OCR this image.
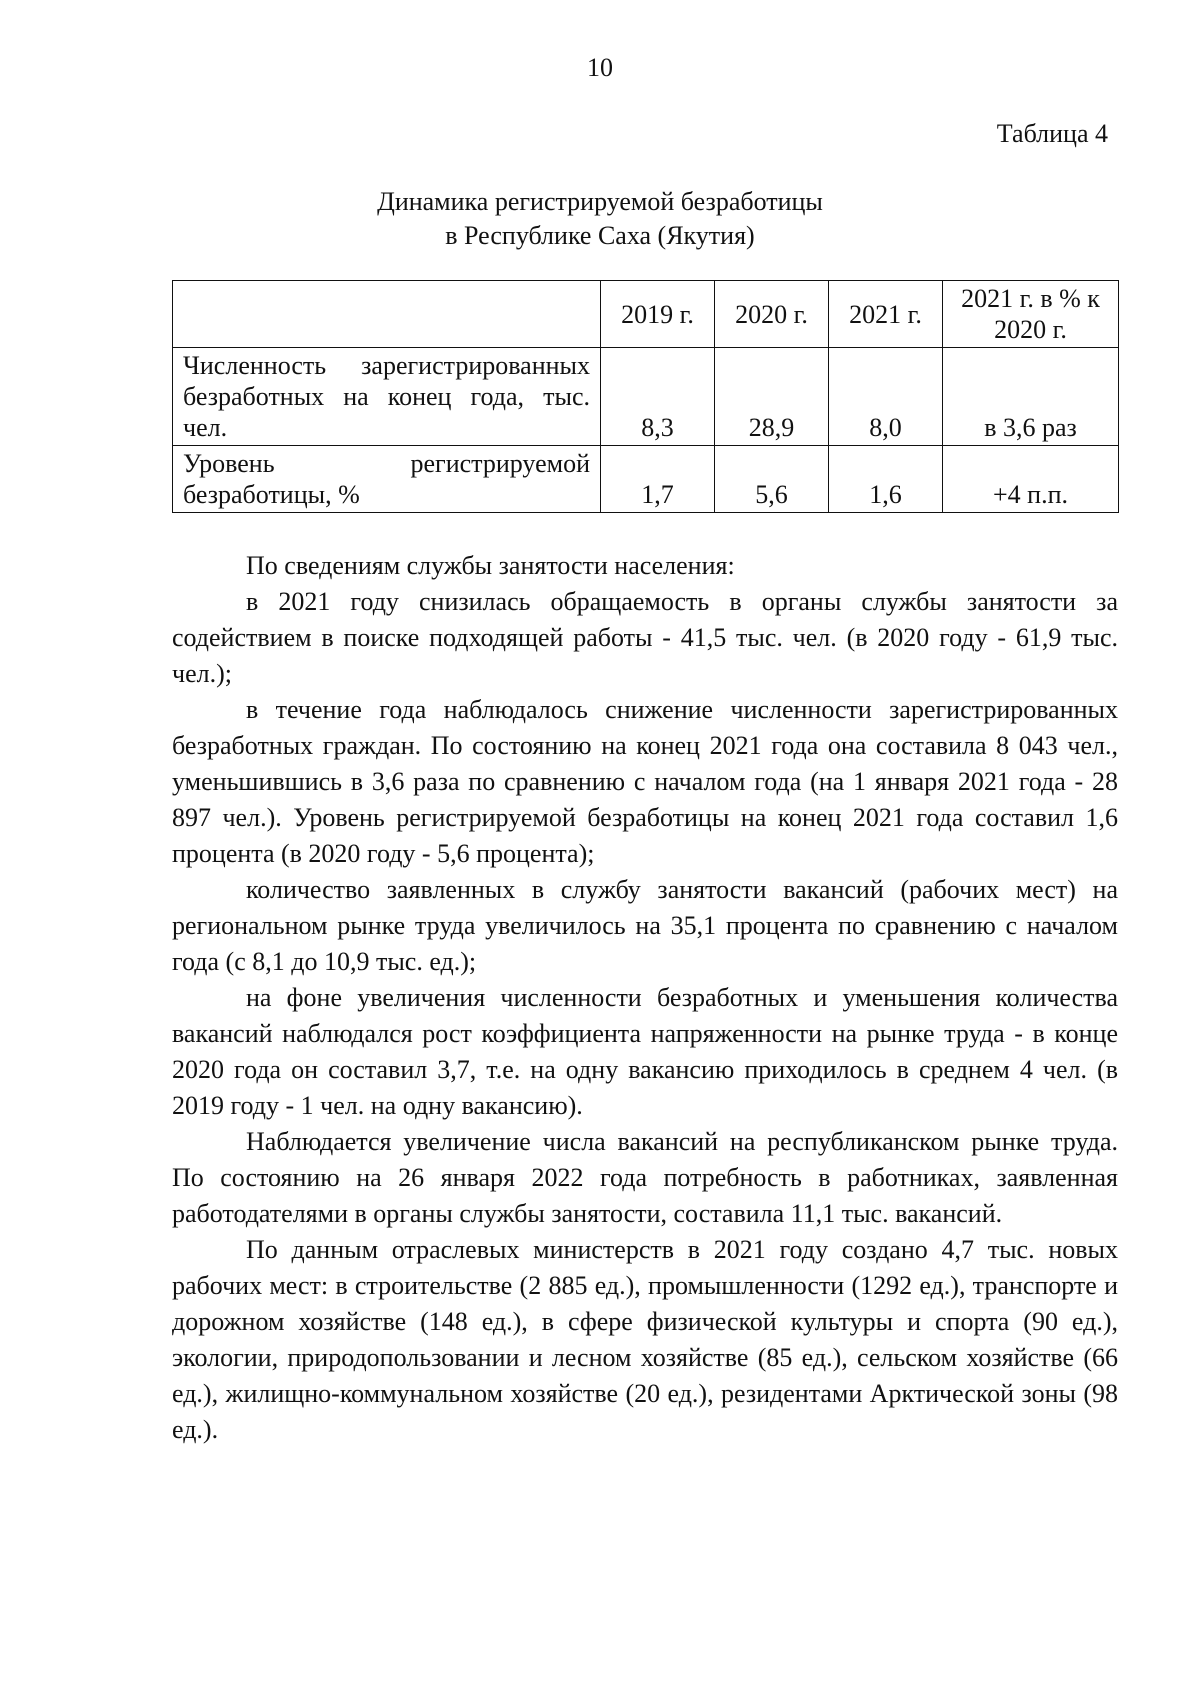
10
Таблица 4
Динамика регистрируемой безработицы
в Республике Саха (Якутия)
	2019 г.	2020 г.	2021 г.	2021 г. в % к 2020 г.
Численность зарегистрированных безработных на конец года, тыс. чел.	8,3	28,9	8,0	в 3,6 раз
Уровень регистрируемой безработицы, %	1,7	5,6	1,6	+4 п.п.

По сведениям службы занятости населения:

в 2021 году снизилась обращаемость в органы службы занятости за содействием в поиске подходящей работы - 41,5 тыс. чел. (в 2020 году - 61,9 тыс. чел.);

в течение года наблюдалось снижение численности зарегистрированных безработных граждан. По состоянию на конец 2021 года она составила 8 043 чел., уменьшившись в 3,6 раза по сравнению с началом года (на 1 января 2021 года - 28 897 чел.). Уровень регистрируемой безработицы на конец 2021 года составил 1,6 процента (в 2020 году - 5,6 процента);

количество заявленных в службу занятости вакансий (рабочих мест) на региональном рынке труда увеличилось на 35,1 процента по сравнению с началом года (с 8,1 до 10,9 тыс. ед.);

на фоне увеличения численности безработных и уменьшения количества вакансий наблюдался рост коэффициента напряженности на рынке труда - в конце 2020 года он составил 3,7, т.е. на одну вакансию приходилось в среднем 4 чел. (в 2019 году - 1 чел. на одну вакансию).

Наблюдается увеличение числа вакансий на республиканском рынке труда. По состоянию на 26 января 2022 года потребность в работниках, заявленная работодателями в органы службы занятости, составила 11,1 тыс. вакансий.

По данным отраслевых министерств в 2021 году создано 4,7 тыс. новых рабочих мест: в строительстве (2 885 ед.), промышленности (1292 ед.), транспорте и дорожном хозяйстве (148 ед.), в сфере физической культуры и спорта (90 ед.), экологии, природопользовании и лесном хозяйстве (85 ед.), сельском хозяйстве (66 ед.), жилищно-коммунальном хозяйстве (20 ед.), резидентами Арктической зоны (98 ед.).
